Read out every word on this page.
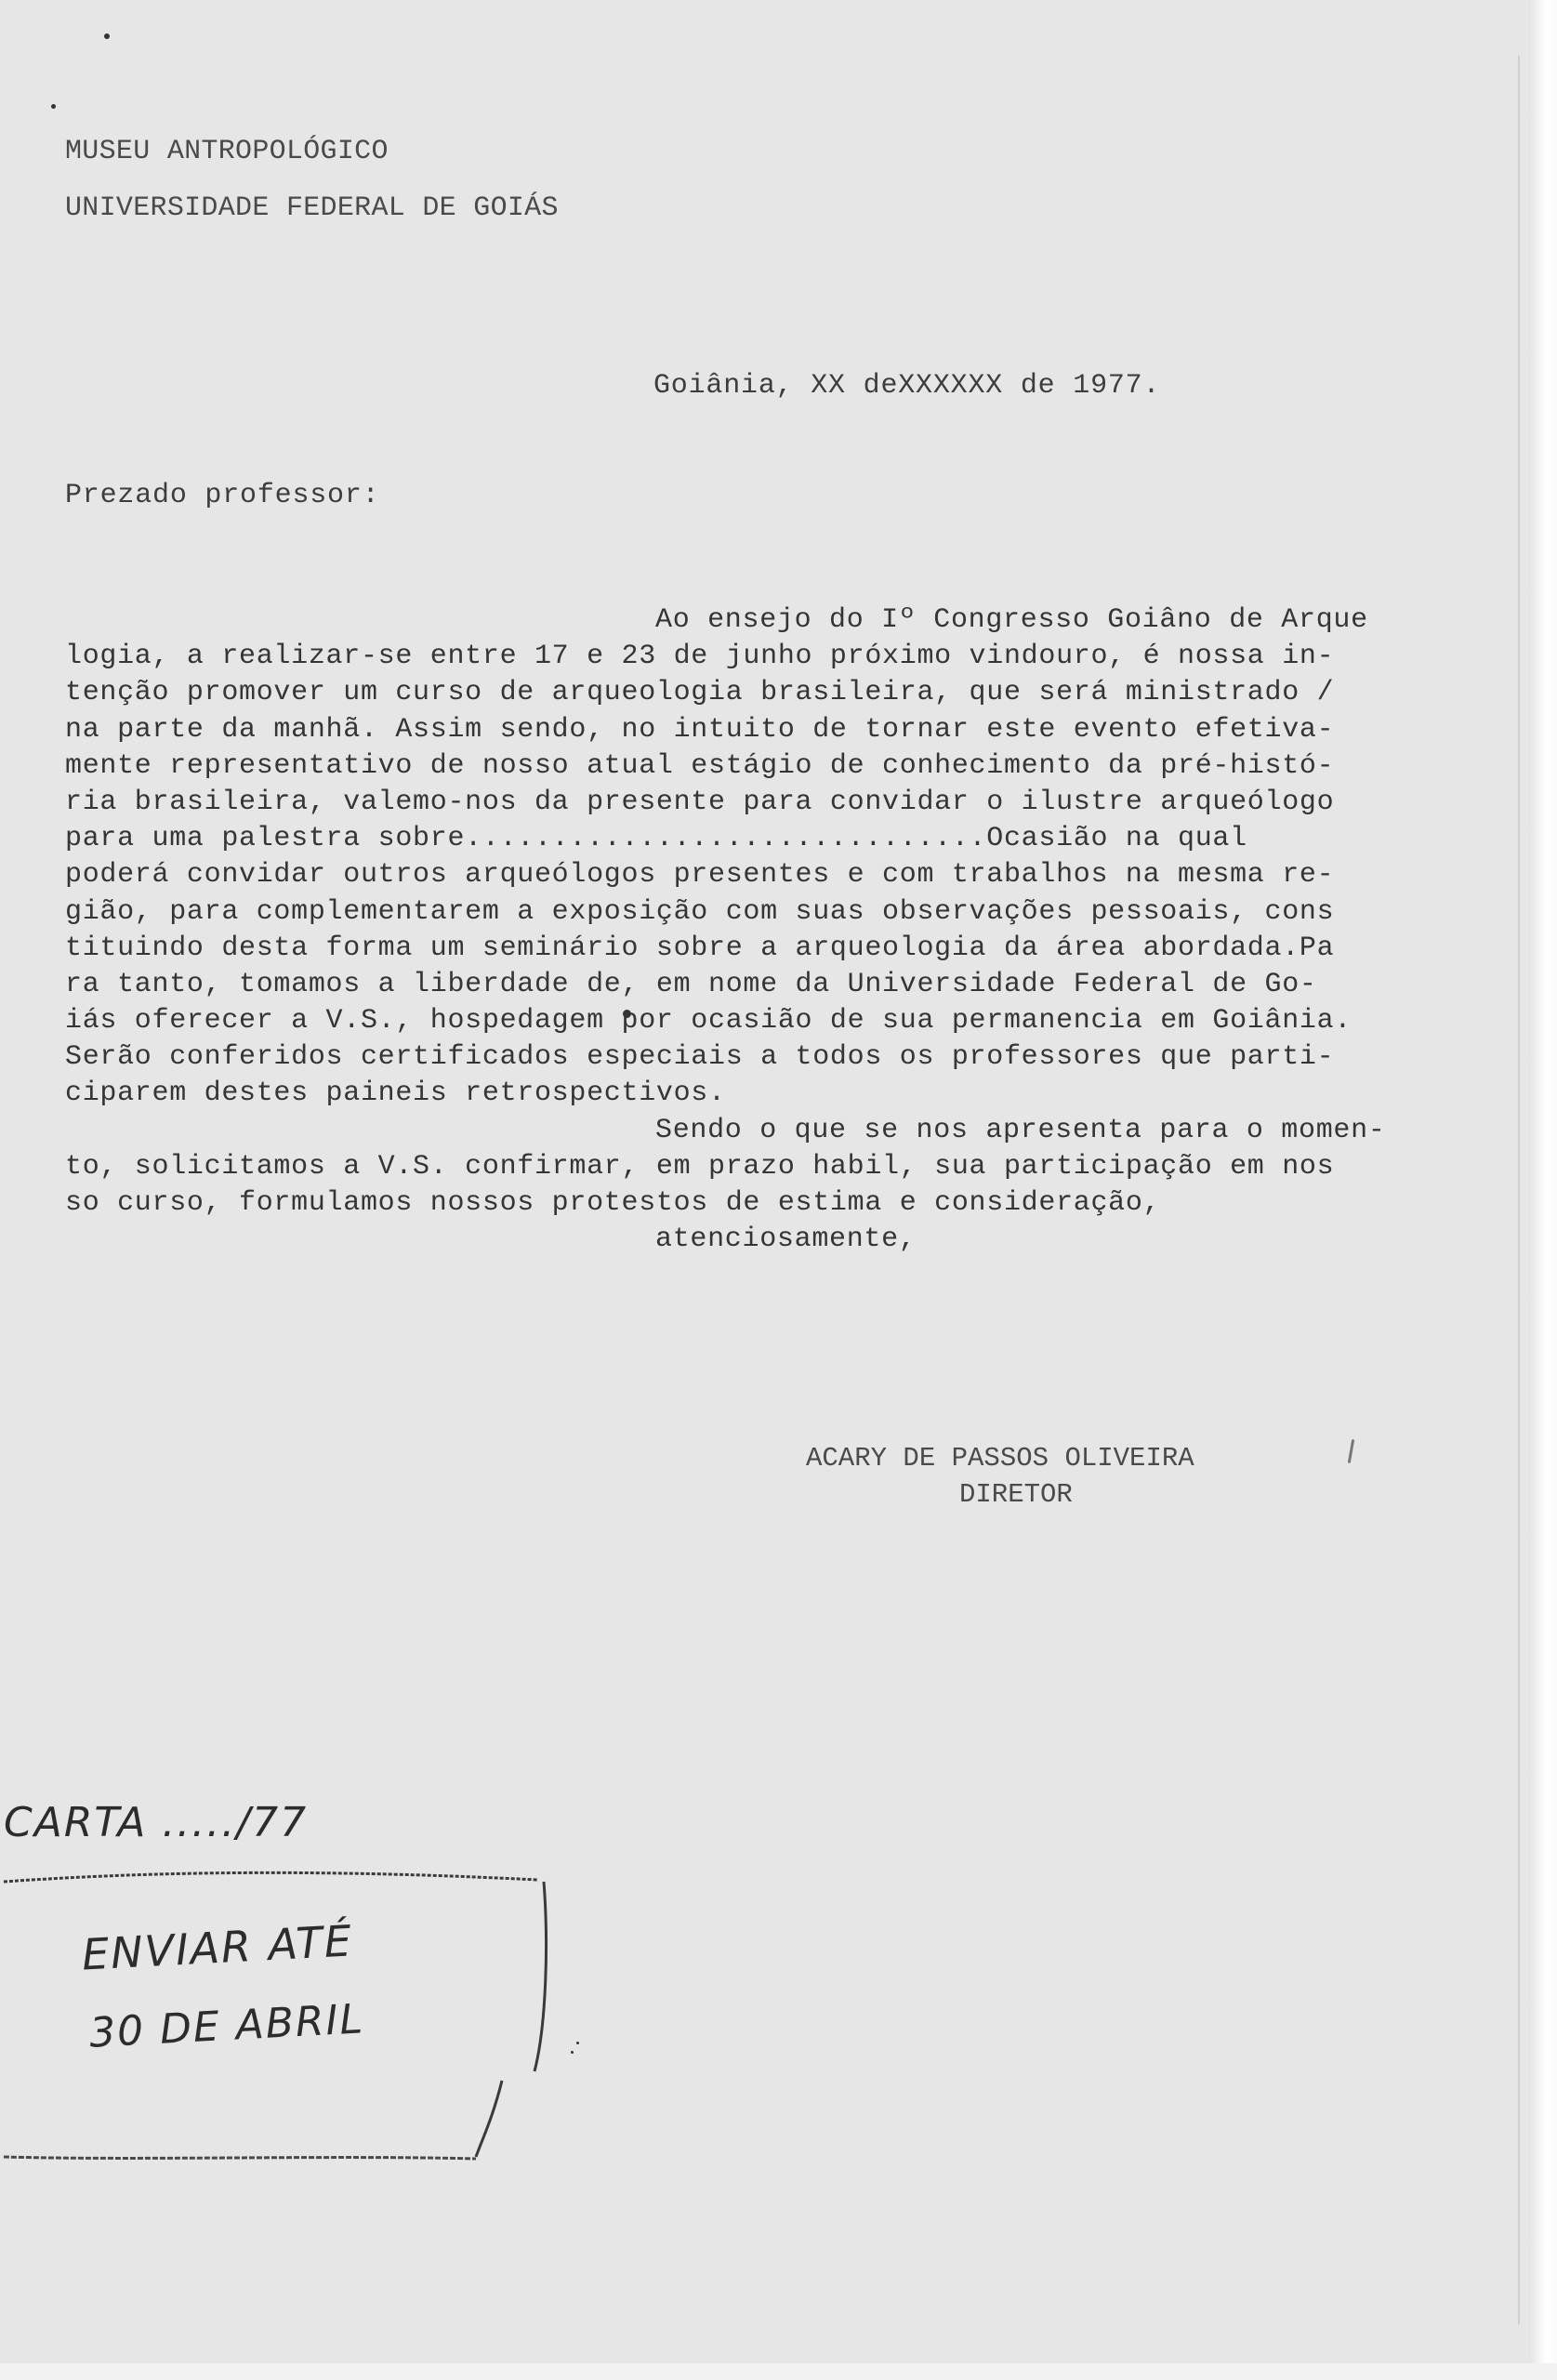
MUSEU ANTROPOLÓGICO
UNIVERSIDADE FEDERAL DE GOIÁS
Goiânia, XX deXXXXXX de 1977.
Prezado professor:
Ao ensejo do Iº Congresso Goiâno de Arque
logia, a realizar-se entre 17 e 23 de junho próximo vindouro, é nossa in-
tenção promover um curso de arqueologia brasileira, que será ministrado /
na parte da manhã. Assim sendo, no intuito de tornar este evento efetiva-
mente representativo de nosso atual estágio de conhecimento da pré-histó-
ria brasileira, valemo-nos da presente para convidar o ilustre arqueólogo
para uma palestra sobre..............................Ocasião na qual
poderá convidar outros arqueólogos presentes e com trabalhos na mesma re-
gião, para complementarem a exposição com suas observações pessoais, cons
tituindo desta forma um seminário sobre a arqueologia da área abordada.Pa
ra tanto, tomamos a liberdade de, em nome da Universidade Federal de Go-
iás oferecer a V.S., hospedagem por ocasião de sua permanencia em Goiânia.
Serão conferidos certificados especiais a todos os professores que parti-
ciparem destes paineis retrospectivos.
Sendo o que se nos apresenta para o momen-
to, solicitamos a V.S. confirmar, em prazo habil, sua participação em nos
so curso, formulamos nossos protestos de estima e consideração,
atenciosamente,
ACARY DE PASSOS OLIVEIRA
DIRETOR
CARTA ...../77
ENVIAR ATÉ
30 DE ABRIL
